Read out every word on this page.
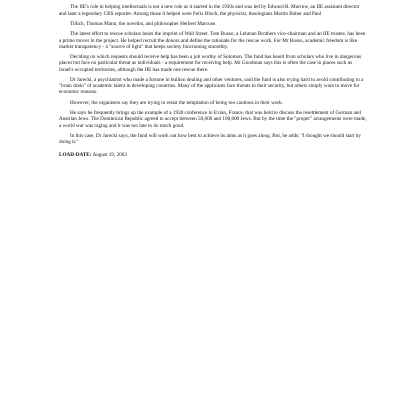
The IIE's role in helping intellectuals is not a new role as it started in the 1930s and was led by Edward R. Murrow, an IIE assistant director and later a legendary CBS reporter. Among those it helped were Felix Bloch, the physicist, theologians Martin Buber and Paul

Tillich, Thomas Mann, the novelist, and philosopher Herbert Marcuse.

The latest effort to rescue scholars bears the imprint of Wall Street. Tom Russo, a Lehman Brothers vice-chairman and an IIE trustee, has been a prime mover in the project. He helped recruit the donors and define the rationale for the rescue work. For Mr Russo, academic freedom is like market transparency - a "source of light" that keeps society functioning smoothly.

Deciding on which requests should receive help has been a job worthy of Solomon. The fund has heard from scholars who live in dangerous places but face no particular threat as individuals - a requirement for receiving help. Mr Goodman says this is often the case in places such as Israel's occupied territories, although the IIE has made one rescue there.

Dr Jarecki, a psychiatrist who made a fortune in bullion dealing and other ventures, said the fund is also trying hard to avoid contributing to a "brain drain" of academic talent in developing countries. Many of the applicants face threats to their security, but others simply want to move for economic reasons.

However, the organisers say they are trying to resist the temptation of being too cautious in their work.

He says he frequently brings up the example of a 1938 conference in Evian, France, that was held to discuss the resettlement of German and Austrian Jews. The Dominican Republic agreed to accept between 50,000 and 100,000 Jews. But by the time the "proper" arrangements were made, a world war was raging and it was too late to do much good.

In this case, Dr Jarecki says, the fund will work out how best to achieve its aims as it goes along. But, he adds: "I thought we should start by doing it."

LOAD-DATE: August 19, 2003
